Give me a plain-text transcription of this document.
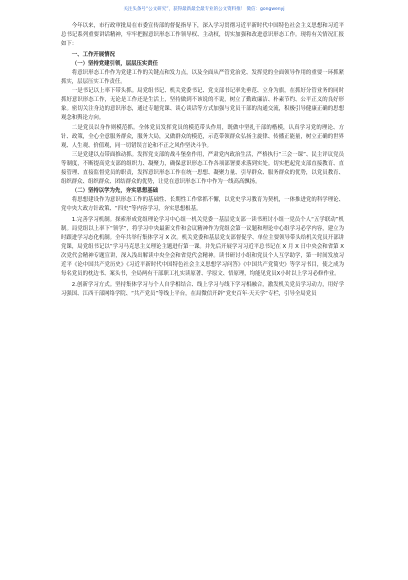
关注头条号“公文研究”，获得最新最全最专业的公文资料推！ 微信：gongwenyj

今年以来，市行政审批局在市委宣传部的督促指导下，深入学习贯彻习近平新时代中国特色社会主义思想和习近平总书记系列重要讲话精神，牢牢把握意识形态工作领导权、主动权，切实加强和改进意识形态工作。现将有关情况汇报如下：

一、工作开展情况

（一）坚持党建引领，层层压实责任

将意识形态工作作为党建工作的关键点和发力点，以及全面从严管党治党、发挥党的全面领导作用的重要一环抓紧抓实，层层压实工作责任。

一是书记以上率下带头抓。局党组书记、机关党委书记、党支部书记率先垂范、立身为旗，在抓好分管业务的同时抓好意识形态工作，无论是工作还是生活上，坚持做到不该说的不说，树立了勤政廉洁、朴素节约、公平正义的良好形象。密切关注身边的意识形态，通过专题党课、谈心谈话等方式加强与党员干部的沟通交流，积极引导健康正确的思想观念和舆论方向。

二是党员以身作则模范抓。全体党员发挥党员的模范带头作用，既做中坚扎干部的楷模，认真学习党的理论、方针、政策，全心全意服务群众，服务大局，又做群众的模范，示范带领群众弘扬主旋律、传播正能量，树立正确的世界观、人生观、价值观，同一切错误言论和不正之风作坚决斗争。

三是党建以点带面推动抓。发挥党支部的战斗堡垒作用，严肃党内政治生活，严格执行“三会一课”、民主评议党员等制度，不断提高党支部的组织力、凝聚力，确保意识形态工作各项部署要求落到实处。切实把起党支部直接教育、直接管理、直接监督党员的职责，发挥意识形态工作在统一思想、凝聚力量、引导群众、服务群众的优势，以党员教育、组织群众、组织群众、团结群众的优势，让党在意识形态工作中作为一线高高飘扬。

（二）坚持以学为先，夯实思想基础

将思想建设作为意识形态工作的基础性、长期性工作常抓不懈，以党史学习教育为契机，一体推进党的科学理论、党中央大政方针政策、“四史”等内容学习，夯实思想根基。

1.完善学习机制。探索形成党组理论学习中心组一机关党委一基层党支部一读书班讨小组一党员个人“五学联动”机制。局党组以上率下“领学”，将学习中央最新文件和会议精神作为党组会第一议题和理论中心组学习必学内容，建立为时跟进学习态化机制。全年共举行集体学习 X 次。机关党委和基层党支部督促学、单位主要领导带头给机关党员开部讲党课，局党组书记以“学习马克思主义理论主题进行第一课。并先后开展学习习近平总书记在 X 月 X 日中央会和省第 X 次党代会精神专题宣讲，深入浅出解读中央全会和省党代会精神。读书研讨小组和党员个人互学助学，第一时间发放习近平《论中国共产党历史》《习近平新时代中国特色社会主义思想学习问答》《中国共产党简史》等学习书目，使之成为每名党员的枕边书、案头书，全局两有干部职工扎实读原著、学原文、悟原理，均能见党员X小时以上学习必修作业。

2.创新学习方式。坚持集体学习与个人自学相结合、线上学习与线下学习相融合，激发机关党员学习动力，用好学习强国、江西干部网络学院、“共产党员”等线上平台，在局微信开辟“党史百年·天天学”专栏，引导全局党员
